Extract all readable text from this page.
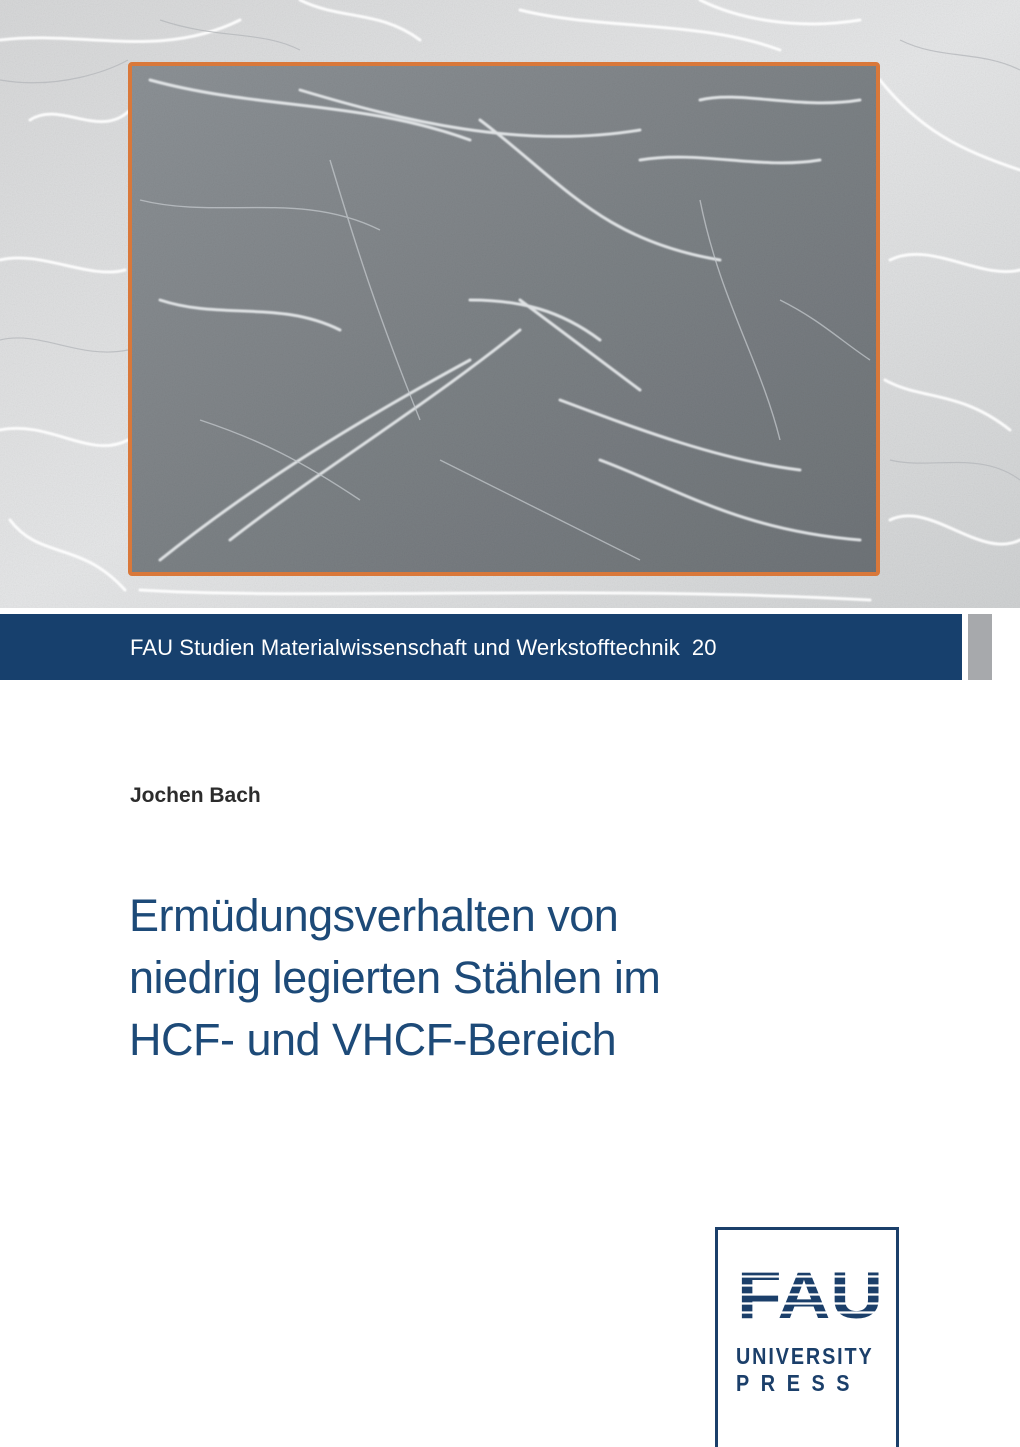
FAU Studien Materialwissenschaft und Werkstofftechnik 20
Jochen Bach
Ermüdungsverhalten von
niedrig legierten Stählen im
HCF- und VHCF-Bereich
UNIVERSITY
PRESS
